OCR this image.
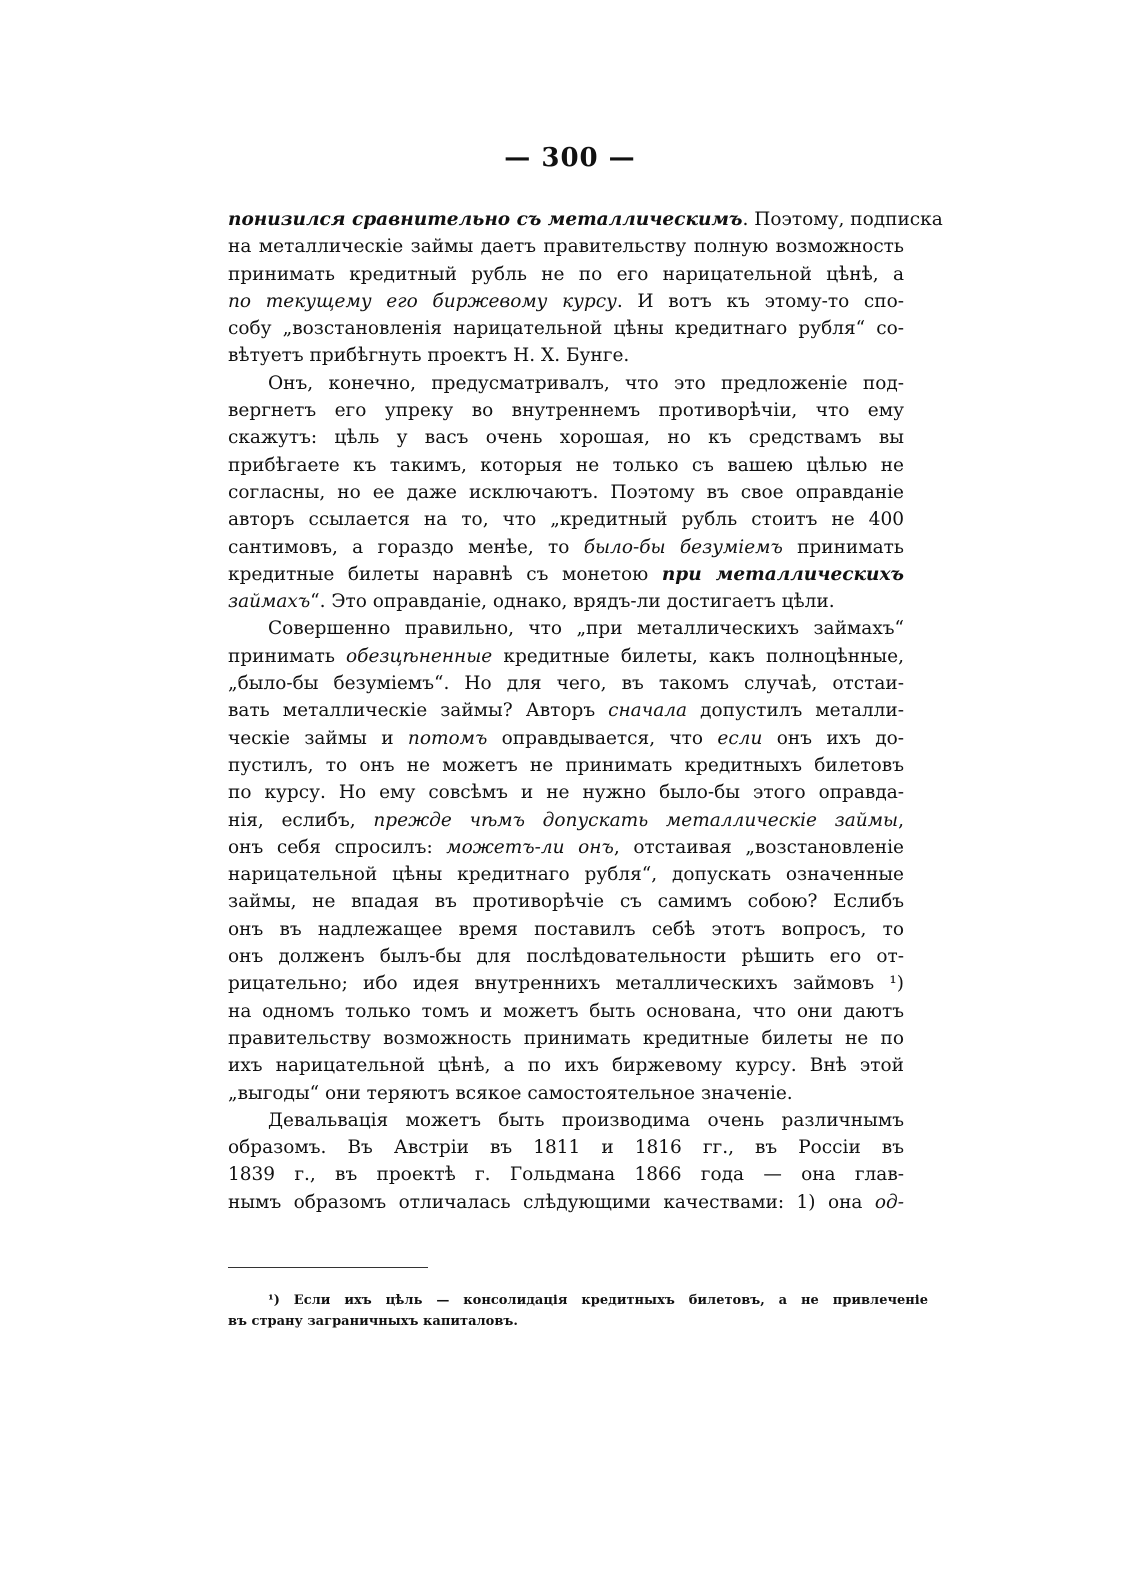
— 300 —
понизился сравнительно съ металлическимъ. Поэтому, подписка
на металлическіе займы даетъ правительству полную возможность
принимать кредитный рубль не по его нарицательной цѣнѣ, а
по текущему его биржевому курсу. И вотъ къ этому-то спо-
собу „возстановленія нарицательной цѣны кредитнаго рубля“ со-
вѣтуетъ прибѣгнуть проектъ Н. Х. Бунге.
Онъ, конечно, предусматривалъ, что это предложеніе под-
вергнетъ его упреку во внутреннемъ противорѣчіи, что ему
скажутъ: цѣль у васъ очень хорошая, но къ средствамъ вы
прибѣгаете къ такимъ, которыя не только съ вашею цѣлью не
согласны, но ее даже исключаютъ. Поэтому въ свое оправданіе
авторъ ссылается на то, что „кредитный рубль стоитъ не 400
сантимовъ, а гораздо менѣе, то было-бы безуміемъ принимать
кредитные билеты наравнѣ съ монетою при металлическихъ
займахъ“. Это оправданіе, однако, врядъ-ли достигаетъ цѣли.
Совершенно правильно, что „при металлическихъ займахъ“
принимать обезцѣненные кредитные билеты, какъ полноцѣнные,
„было-бы безуміемъ“. Но для чего, въ такомъ случаѣ, отстаи-
вать металлическіе займы? Авторъ сначала допустилъ металли-
ческіе займы и потомъ оправдывается, что если онъ ихъ до-
пустилъ, то онъ не можетъ не принимать кредитныхъ билетовъ
по курсу. Но ему совсѣмъ и не нужно было-бы этого оправда-
нія, еслибъ, прежде чѣмъ допускать металлическіе займы,
онъ себя спросилъ: можетъ-ли онъ, отстаивая „возстановленіе
нарицательной цѣны кредитнаго рубля“, допускать означенные
займы, не впадая въ противорѣчіе съ самимъ собою? Еслибъ
онъ въ надлежащее время поставилъ себѣ этотъ вопросъ, то
онъ долженъ былъ-бы для послѣдовательности рѣшить его от-
рицательно; ибо идея внутреннихъ металлическихъ займовъ ¹)
на одномъ только томъ и можетъ быть основана, что они даютъ
правительству возможность принимать кредитные билеты не по
ихъ нарицательной цѣнѣ, а по ихъ биржевому курсу. Внѣ этой
„выгоды“ они теряютъ всякое самостоятельное значеніе.
Девальвація можетъ быть производима очень различнымъ
образомъ. Въ Австріи въ 1811 и 1816 гг., въ Россіи въ
1839 г., въ проектѣ г. Гольдмана 1866 года — она глав-
нымъ образомъ отличалась слѣдующими качествами: 1) она од-
¹) Если ихъ цѣль — консолидація кредитныхъ билетовъ, а не привлеченіе
въ страну заграничныхъ капиталовъ.
